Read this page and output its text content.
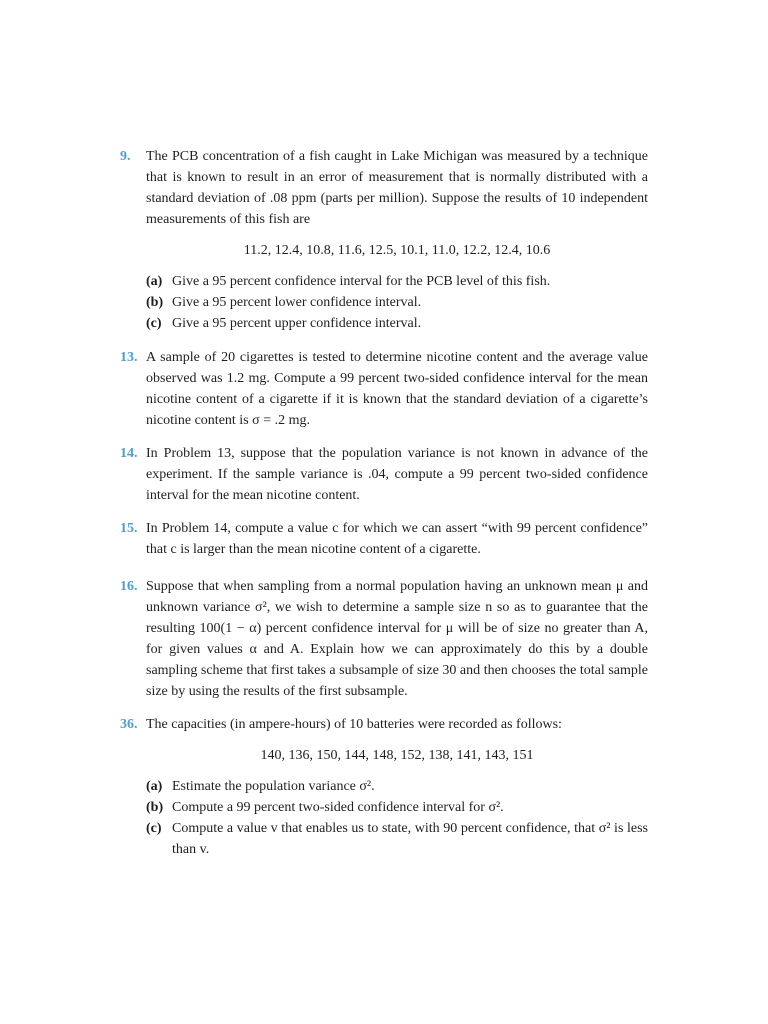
9. The PCB concentration of a fish caught in Lake Michigan was measured by a technique that is known to result in an error of measurement that is normally distributed with a standard deviation of .08 ppm (parts per million). Suppose the results of 10 independent measurements of this fish are
11.2, 12.4, 10.8, 11.6, 12.5, 10.1, 11.0, 12.2, 12.4, 10.6
(a) Give a 95 percent confidence interval for the PCB level of this fish.
(b) Give a 95 percent lower confidence interval.
(c) Give a 95 percent upper confidence interval.
13. A sample of 20 cigarettes is tested to determine nicotine content and the average value observed was 1.2 mg. Compute a 99 percent two-sided confidence interval for the mean nicotine content of a cigarette if it is known that the standard deviation of a cigarette’s nicotine content is σ = .2 mg.
14. In Problem 13, suppose that the population variance is not known in advance of the experiment. If the sample variance is .04, compute a 99 percent two-sided confidence interval for the mean nicotine content.
15. In Problem 14, compute a value c for which we can assert “with 99 percent confidence” that c is larger than the mean nicotine content of a cigarette.
16. Suppose that when sampling from a normal population having an unknown mean μ and unknown variance σ², we wish to determine a sample size n so as to guarantee that the resulting 100(1 − α) percent confidence interval for μ will be of size no greater than A, for given values α and A. Explain how we can approximately do this by a double sampling scheme that first takes a subsample of size 30 and then chooses the total sample size by using the results of the first subsample.
36. The capacities (in ampere-hours) of 10 batteries were recorded as follows:
140, 136, 150, 144, 148, 152, 138, 141, 143, 151
(a) Estimate the population variance σ².
(b) Compute a 99 percent two-sided confidence interval for σ².
(c) Compute a value v that enables us to state, with 90 percent confidence, that σ² is less than v.
